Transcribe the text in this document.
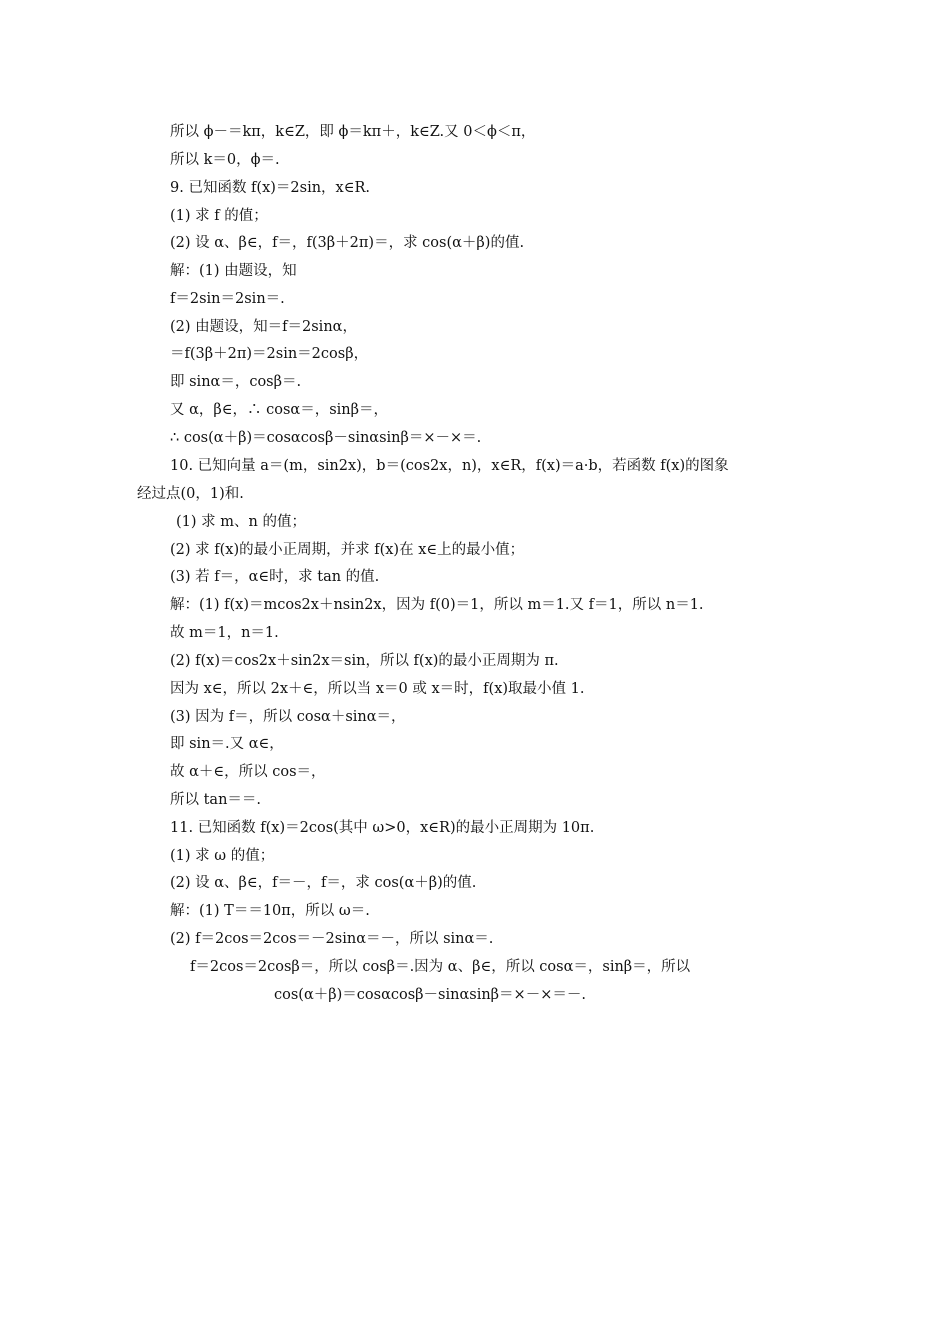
所以 ϕ－＝kπ，k∈Z，即 ϕ＝kπ＋，k∈Z.又 0＜ϕ＜π，
所以 k＝0，ϕ＝.
9. 已知函数 f(x)＝2sin，x∈R.
(1) 求 f 的值；
(2) 设 α、β∈，f＝，f(3β＋2π)＝，求 cos(α＋β)的值.
解：(1) 由题设，知
f＝2sin＝2sin＝.
(2) 由题设，知＝f＝2sinα，
＝f(3β＋2π)＝2sin＝2cosβ，
即 sinα＝，cosβ＝.
又 α，β∈，∴ cosα＝，sinβ＝，
∴ cos(α＋β)＝cosαcosβ－sinαsinβ＝×－×＝.
10. 已知向量 a＝(m，sin2x)，b＝(cos2x，n)，x∈R，f(x)＝a·b，若函数 f(x)的图象
经过点(0，1)和.
(1) 求 m、n 的值；
(2) 求 f(x)的最小正周期，并求 f(x)在 x∈上的最小值；
(3) 若 f＝，α∈时，求 tan 的值.
解：(1) f(x)＝mcos2x＋nsin2x，因为 f(0)＝1，所以 m＝1.又 f＝1，所以 n＝1.
故 m＝1，n＝1.
(2) f(x)＝cos2x＋sin2x＝sin，所以 f(x)的最小正周期为 π.
因为 x∈，所以 2x＋∈，所以当 x＝0 或 x＝时，f(x)取最小值 1.
(3) 因为 f＝，所以 cosα＋sinα＝，
即 sin＝.又 α∈，
故 α＋∈，所以 cos＝，
所以 tan＝＝.
11. 已知函数 f(x)＝2cos(其中 ω>0，x∈R)的最小正周期为 10π.
(1) 求 ω 的值；
(2) 设 α、β∈，f＝－，f＝，求 cos(α＋β)的值.
解：(1) T＝＝10π，所以 ω＝.
(2) f＝2cos＝2cos＝－2sinα＝－，所以 sinα＝.
f＝2cos＝2cosβ＝，所以 cosβ＝.因为 α、β∈，所以 cosα＝，sinβ＝，所以
cos(α＋β)＝cosαcosβ－sinαsinβ＝×－×＝－.
